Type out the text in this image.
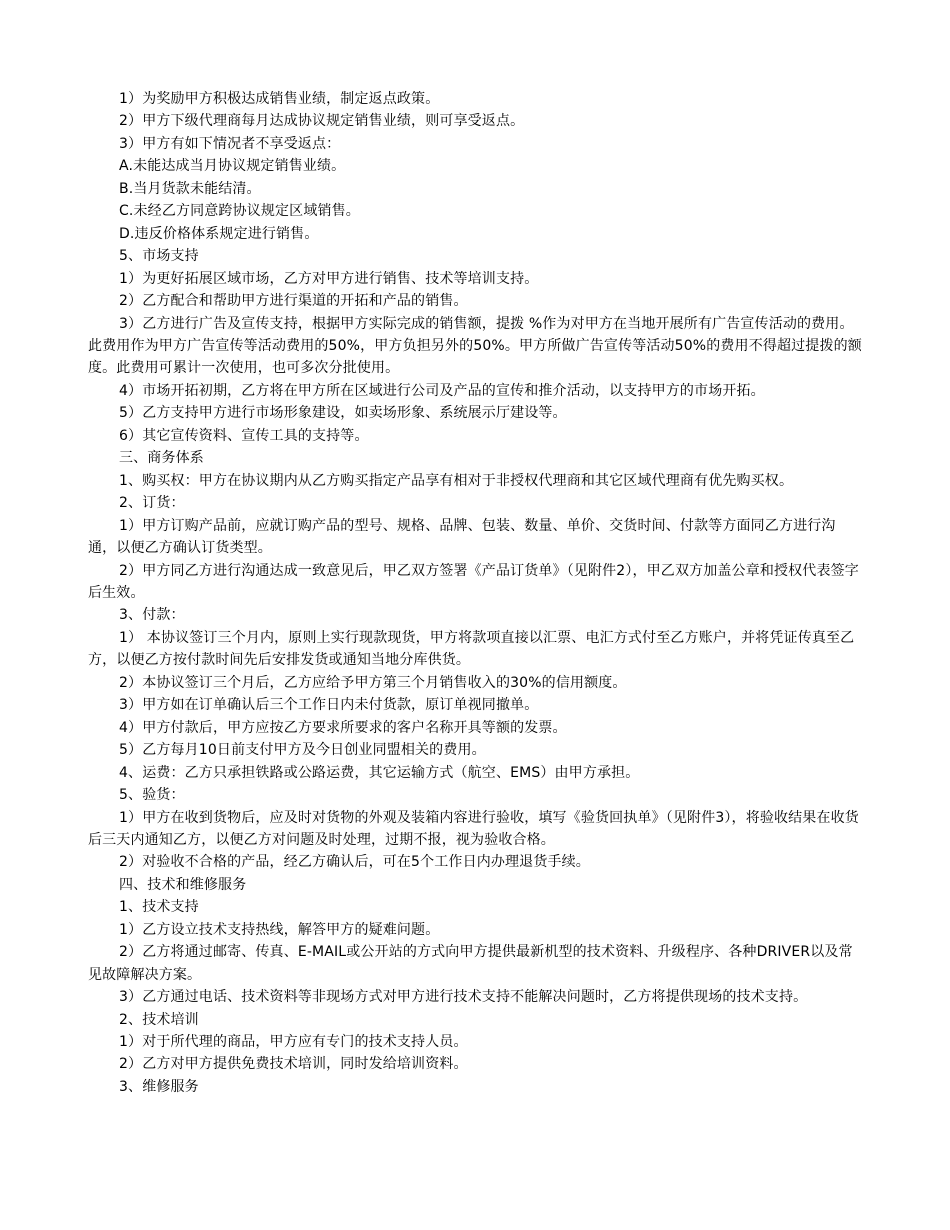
1）为奖励甲方积极达成销售业绩，制定返点政策。

2）甲方下级代理商每月达成协议规定销售业绩，则可享受返点。

3）甲方有如下情况者不享受返点：

A.未能达成当月协议规定销售业绩。

B.当月货款未能结清。

C.未经乙方同意跨协议规定区域销售。

D.违反价格体系规定进行销售。

5、市场支持

1）为更好拓展区域市场，乙方对甲方进行销售、技术等培训支持。

2）乙方配合和帮助甲方进行渠道的开拓和产品的销售。

3）乙方进行广告及宣传支持，根据甲方实际完成的销售额，提拨 %作为对甲方在当地开展所有广告宣传活动的费用。此费用作为甲方广告宣传等活动费用的50%，甲方负担另外的50%。甲方所做广告宣传等活动50%的费用不得超过提拨的额度。此费用可累计一次使用，也可多次分批使用。

4）市场开拓初期，乙方将在甲方所在区域进行公司及产品的宣传和推介活动，以支持甲方的市场开拓。

5）乙方支持甲方进行市场形象建设，如卖场形象、系统展示厅建设等。

6）其它宣传资料、宣传工具的支持等。

三、商务体系

1、购买权：甲方在协议期内从乙方购买指定产品享有相对于非授权代理商和其它区域代理商有优先购买权。

2、订货：

1）甲方订购产品前，应就订购产品的型号、规格、品牌、包装、数量、单价、交货时间、付款等方面同乙方进行沟通，以便乙方确认订货类型。

2）甲方同乙方进行沟通达成一致意见后，甲乙双方签署《产品订货单》（见附件2），甲乙双方加盖公章和授权代表签字后生效。

3、付款：

1） 本协议签订三个月内，原则上实行现款现货，甲方将款项直接以汇票、电汇方式付至乙方账户，并将凭证传真至乙方，以便乙方按付款时间先后安排发货或通知当地分库供货。

2）本协议签订三个月后，乙方应给予甲方第三个月销售收入的30%的信用额度。

3）甲方如在订单确认后三个工作日内未付货款，原订单视同撤单。

4）甲方付款后，甲方应按乙方要求所要求的客户名称开具等额的发票。

5）乙方每月10日前支付甲方及今日创业同盟相关的费用。

4、运费：乙方只承担铁路或公路运费，其它运输方式（航空、EMS）由甲方承担。

5、验货：

1）甲方在收到货物后，应及时对货物的外观及装箱内容进行验收，填写《验货回执单》（见附件3），将验收结果在收货后三天内通知乙方，以便乙方对问题及时处理，过期不报，视为验收合格。

2）对验收不合格的产品，经乙方确认后，可在5个工作日内办理退货手续。

四、技术和维修服务

1、技术支持

1）乙方设立技术支持热线，解答甲方的疑难问题。

2）乙方将通过邮寄、传真、E-MAIL或公开站的方式向甲方提供最新机型的技术资料、升级程序、各种DRIVER以及常见故障解决方案。

3）乙方通过电话、技术资料等非现场方式对甲方进行技术支持不能解决问题时，乙方将提供现场的技术支持。

2、技术培训

1）对于所代理的商品，甲方应有专门的技术支持人员。

2）乙方对甲方提供免费技术培训，同时发给培训资料。

3、维修服务
